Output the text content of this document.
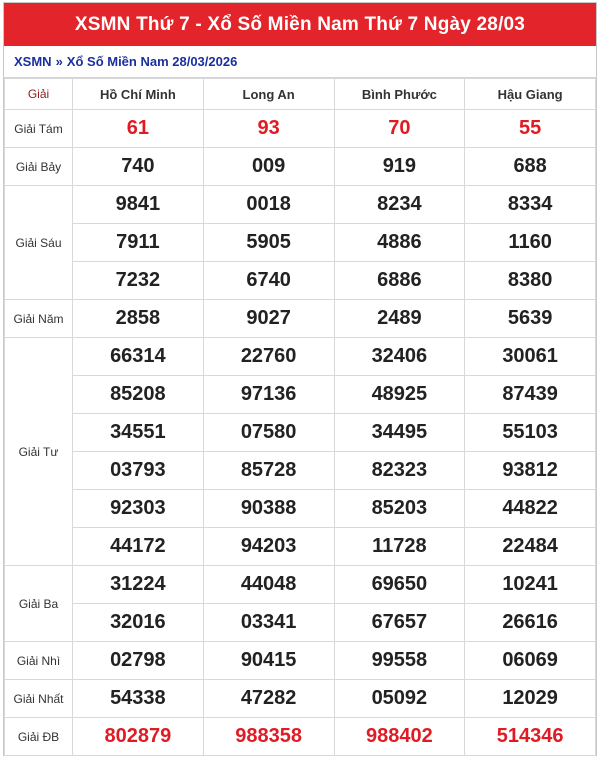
XSMN Thứ 7 - Xổ Số Miền Nam Thứ 7 Ngày 28/03
XSMN » Xổ Số Miền Nam 28/03/2026
Giải	Hồ Chí Minh	Long An	Bình Phước	Hậu Giang
Giải Tám	61	93	70	55
Giải Bảy	740	009	919	688
Giải Sáu	9841	0018	8234	8334
	7911	5905	4886	1160
	7232	6740	6886	8380
Giải Năm	2858	9027	2489	5639
Giải Tư	66314	22760	32406	30061
	85208	97136	48925	87439
	34551	07580	34495	55103
	03793	85728	82323	93812
	92303	90388	85203	44822
	44172	94203	11728	22484
Giải Ba	31224	44048	69650	10241
	32016	03341	67657	26616
Giải Nhì	02798	90415	99558	06069
Giải Nhất	54338	47282	05092	12029
Giải ĐB	802879	988358	988402	514346
